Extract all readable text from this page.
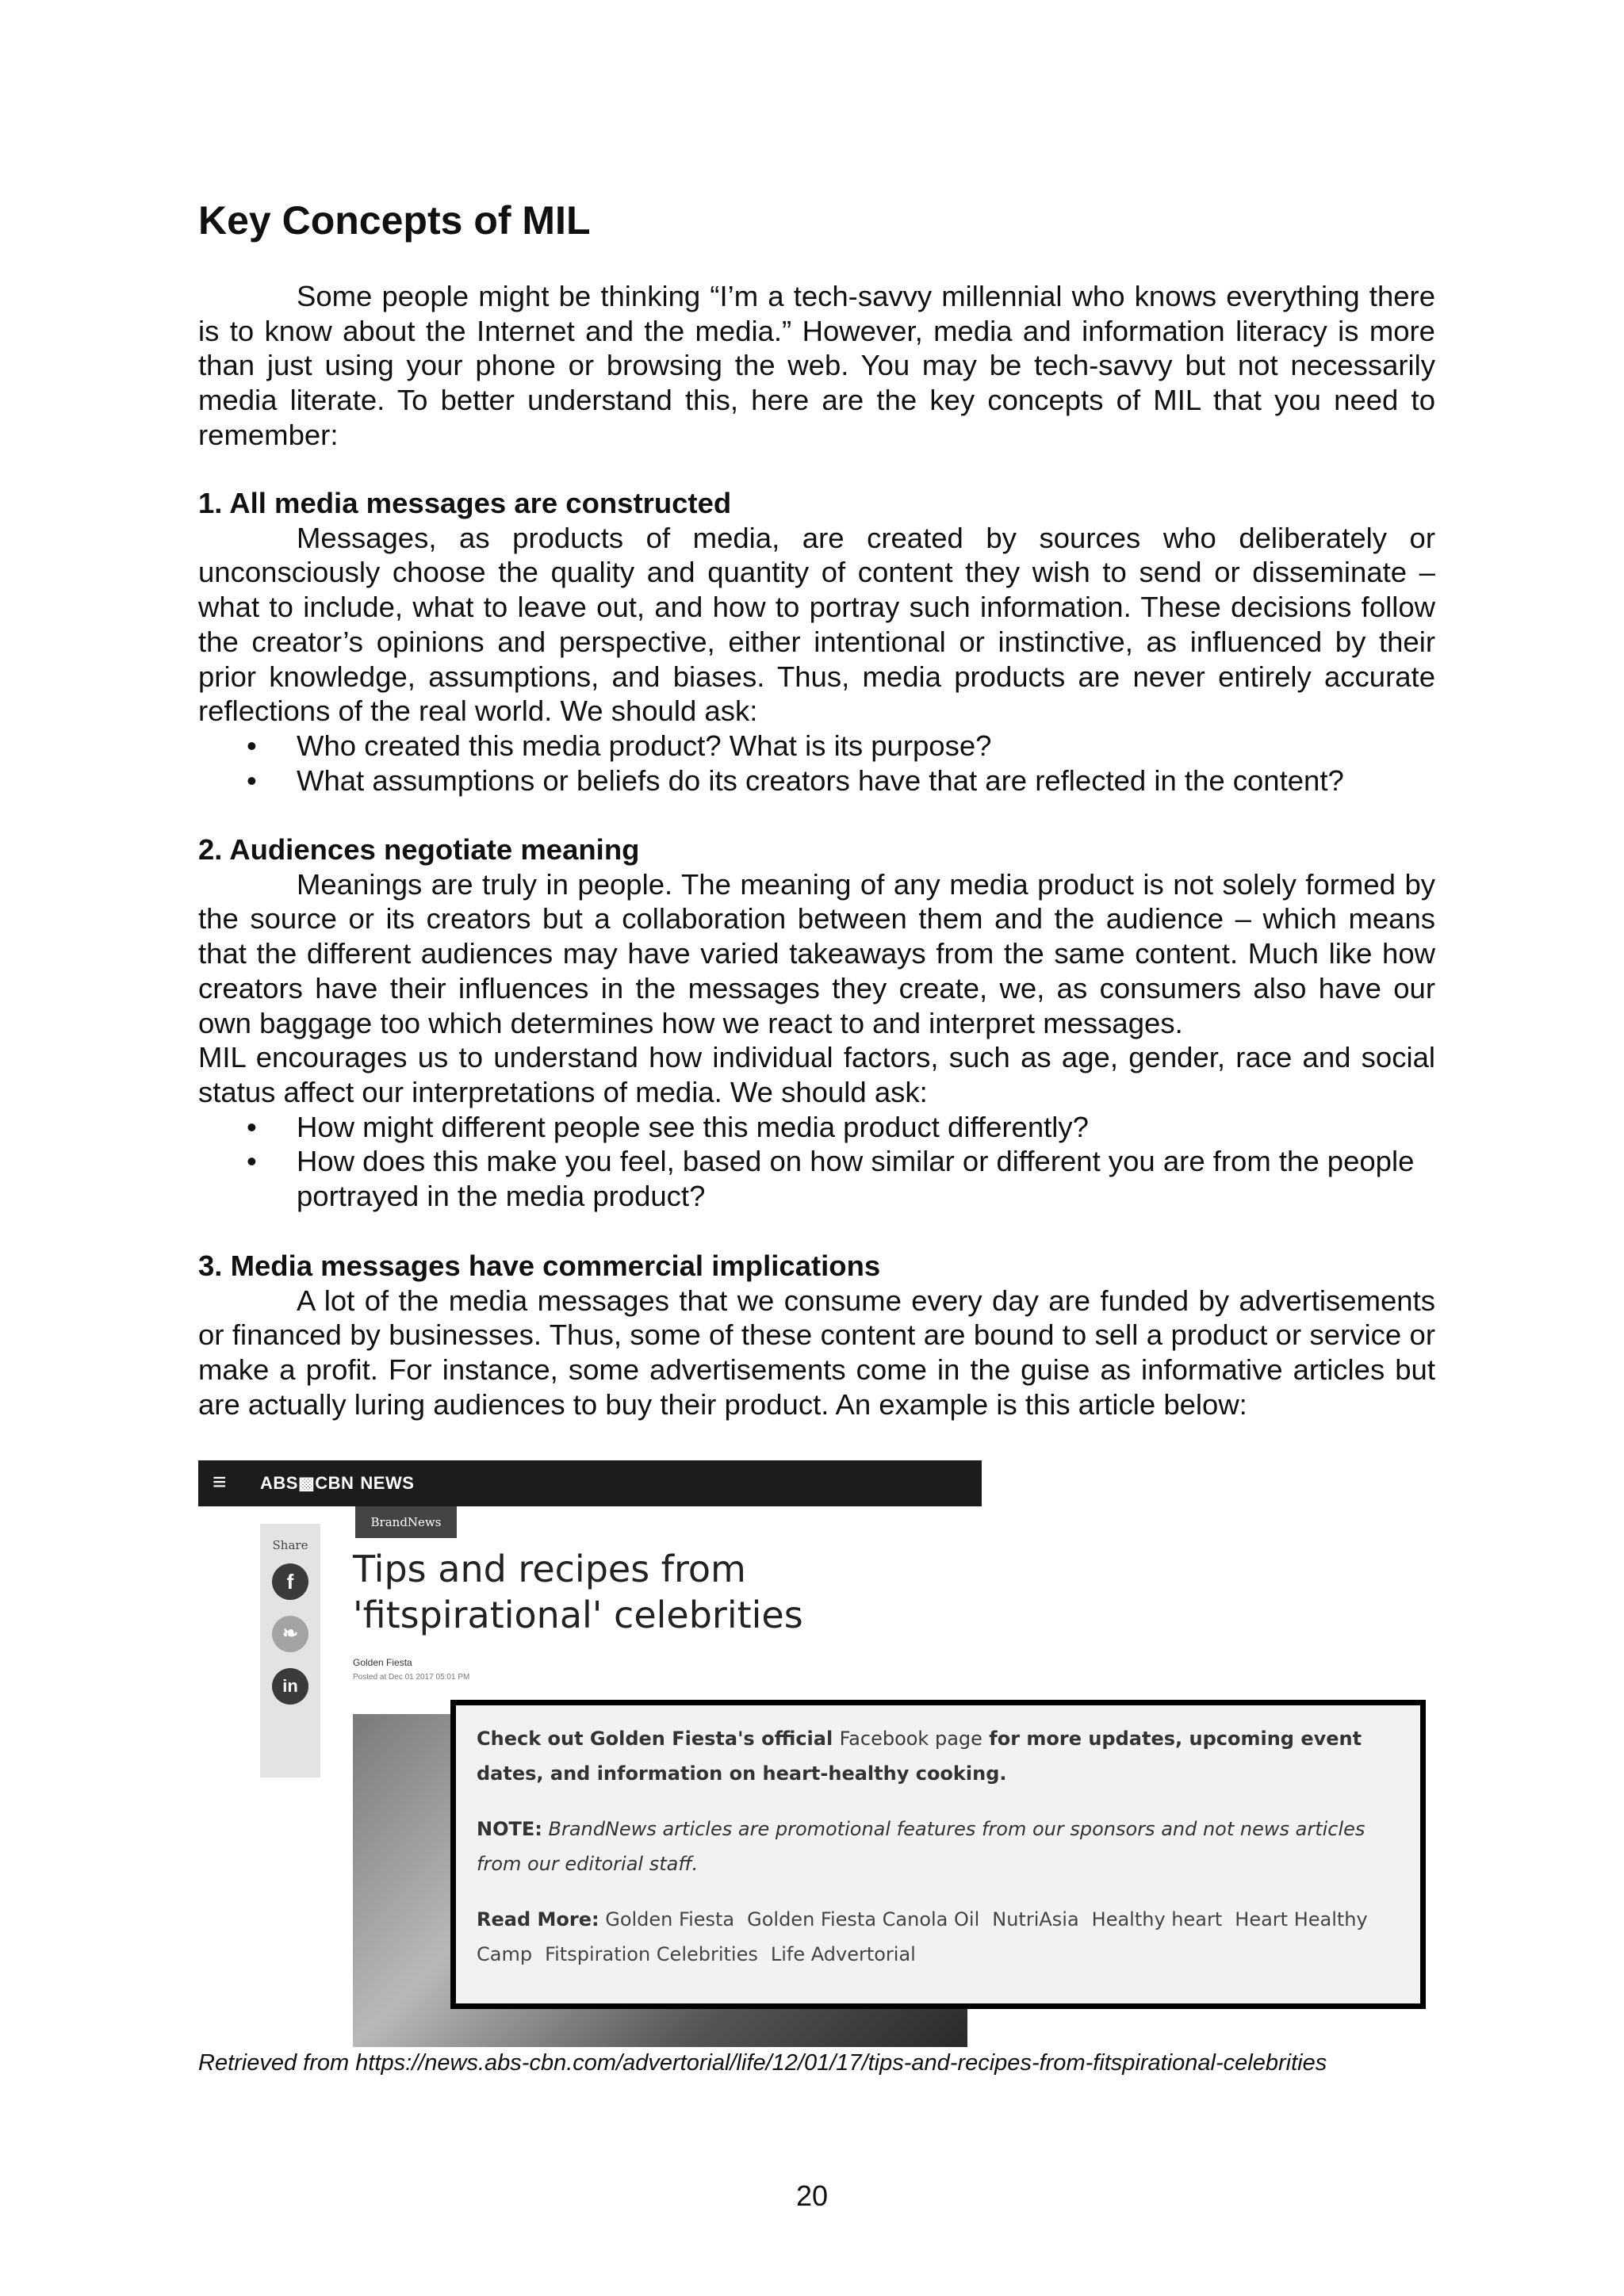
Key Concepts of MIL

Some people might be thinking “I’m a tech-savvy millennial who knows everything there is to know about the Internet and the media.” However, media and information literacy is more than just using your phone or browsing the web. You may be tech-savvy but not necessarily media literate. To better understand this, here are the key concepts of MIL that you need to remember:

1. All media messages are constructed

Messages, as products of media, are created by sources who deliberately or unconsciously choose the quality and quantity of content they wish to send or disseminate – what to include, what to leave out, and how to portray such information. These decisions follow the creator’s opinions and perspective, either intentional or instinctive, as influenced by their prior knowledge, assumptions, and biases. Thus, media products are never entirely accurate reflections of the real world. We should ask:

• Who created this media product? What is its purpose?
• What assumptions or beliefs do its creators have that are reflected in the content?

2. Audiences negotiate meaning

Meanings are truly in people. The meaning of any media product is not solely formed by the source or its creators but a collaboration between them and the audience – which means that the different audiences may have varied takeaways from the same content. Much like how creators have their influences in the messages they create, we, as consumers also have our own baggage too which determines how we react to and interpret messages.

MIL encourages us to understand how individual factors, such as age, gender, race and social status affect our interpretations of media. We should ask:

• How might different people see this media product differently?
• How does this make you feel, based on how similar or different you are from the people portrayed in the media product?

3. Media messages have commercial implications

A lot of the media messages that we consume every day are funded by advertisements or financed by businesses. Thus, some of these content are bound to sell a product or service or make a profit. For instance, some advertisements come in the guise as informative articles but are actually luring audiences to buy their product. An example is this article below:

≡ ABS▩CBN NEWS
BrandNews
Share
f
❧
in
Tips and recipes from 'fitspirational' celebrities
Golden Fiesta
Posted at Dec 01 2017 05:01 PM

Check out Golden Fiesta's official Facebook page for more updates, upcoming event dates, and information on heart-healthy cooking.

NOTE: BrandNews articles are promotional features from our sponsors and not news articles from our editorial staff.

Read More: Golden Fiesta Golden Fiesta Canola Oil NutriAsia Healthy heart Heart Healthy Camp Fitspiration Celebrities Life Advertorial

Retrieved from https://news.abs-cbn.com/advertorial/life/12/01/17/tips-and-recipes-from-fitspirational-celebrities

20
